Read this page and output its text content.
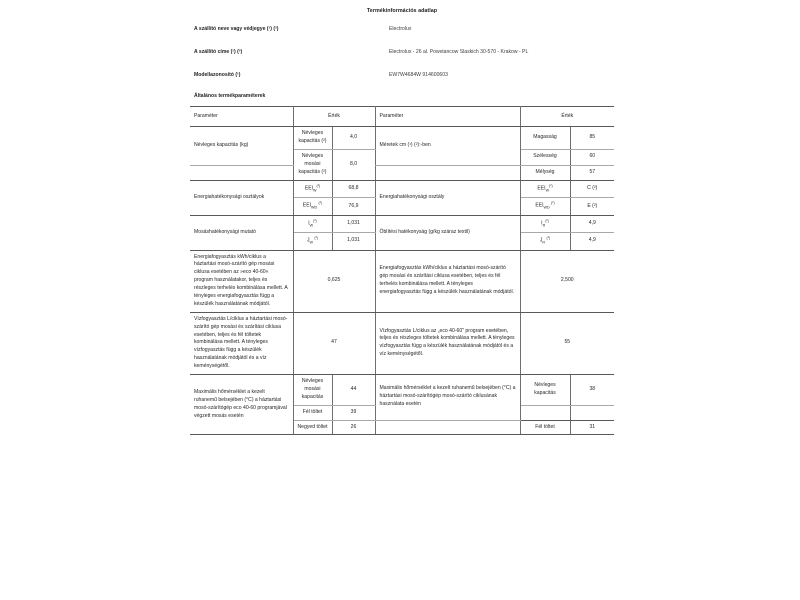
Termékinformációs adatlap
A szállító neve vagy védjegye (¹) (³)	Electrolux
A szállító címe (¹) (³)	Electrolux - 26 al. Powstancow Slaskich 30-570 - Krakow - PL
Modellazonosító (¹)	EW7W4684W 914600603
Általános termékparaméterek	
Paraméter	Érték		Paraméter	Érték	
Névleges kapacitás (kg)	Névleges kapacitás (²)	4,0	Méretek cm (¹) (²):-ben	Magasság	85
	Névleges mosási kapacitás (²)	8,0		Szélesség	60
				Mélység	57
Energiahatékonysági osztályok	$EEI_W^{(^2)}$	68,8	Energiahatékonysági osztály	$EEI_W^{(^2)}$	C (²)
	$EEI_{WD}$ $^{(^2)}$	76,9		$EEI_{WD}$ $^{(^2)}$	E (²)
Mosáshatékonysági mutató	$I_W^{(^2)}$	1,031	Öblítési hatékonyság (g/kg száraz textil)	$I_R^{(^2)}$	4,9
	$J_W$ $^{(^2)}$	1,031		$J_R$ $^{(^2)}$	4,9
Energiafogyasztás kWh/ciklus a háztartási mosó-szárító gép mosási ciklusa esetében az »eco 40-60« program használatakor, teljes és részleges terhelés kombinálása mellett. A tényleges energiafogyasztás függ a készülék használatának módjától.	0,625	Energiafogyasztás kWh/ciklus a háztartási mosó-szárító gép mosási és szárítási ciklusa esetében, teljes és fél terhelés kombinálása mellett. A tényleges energiafogyasztás függ a készülék használatának módjától.	2,500
Vízfogyasztás L/ciklus a háztartási mosó-szárító gép mosási és szárítási ciklusa esetében, teljes és fél töltetek kombinálása mellett. A tényleges vízfogyasztás függ a készülék használatának módjától és a víz keménységétől.	47		Vízfogyasztás L/ciklus az „eco 40-60" program esetében, teljes és részleges töltetek kombinálása mellett. A tényleges vízfogyasztás függ a készülék használatának módjától és a víz keménységétől.	55	
Maximális hőmérséklet a kezelt ruhanemű belsejében (°C) a háztartási mosó-szárítógép eco 40-60 programjával végzett mosás esetén	Névleges mosási kapacitás	44	Maximális hőmérséklet a kezelt ruhanemű belsejében (°C) a háztartási mosó-szárítógép mosó-szárító ciklusának használata esetén	Névleges kapacitás	38
	Fél töltet	39			
	Negyed töltet	26		Fél töltet	31
